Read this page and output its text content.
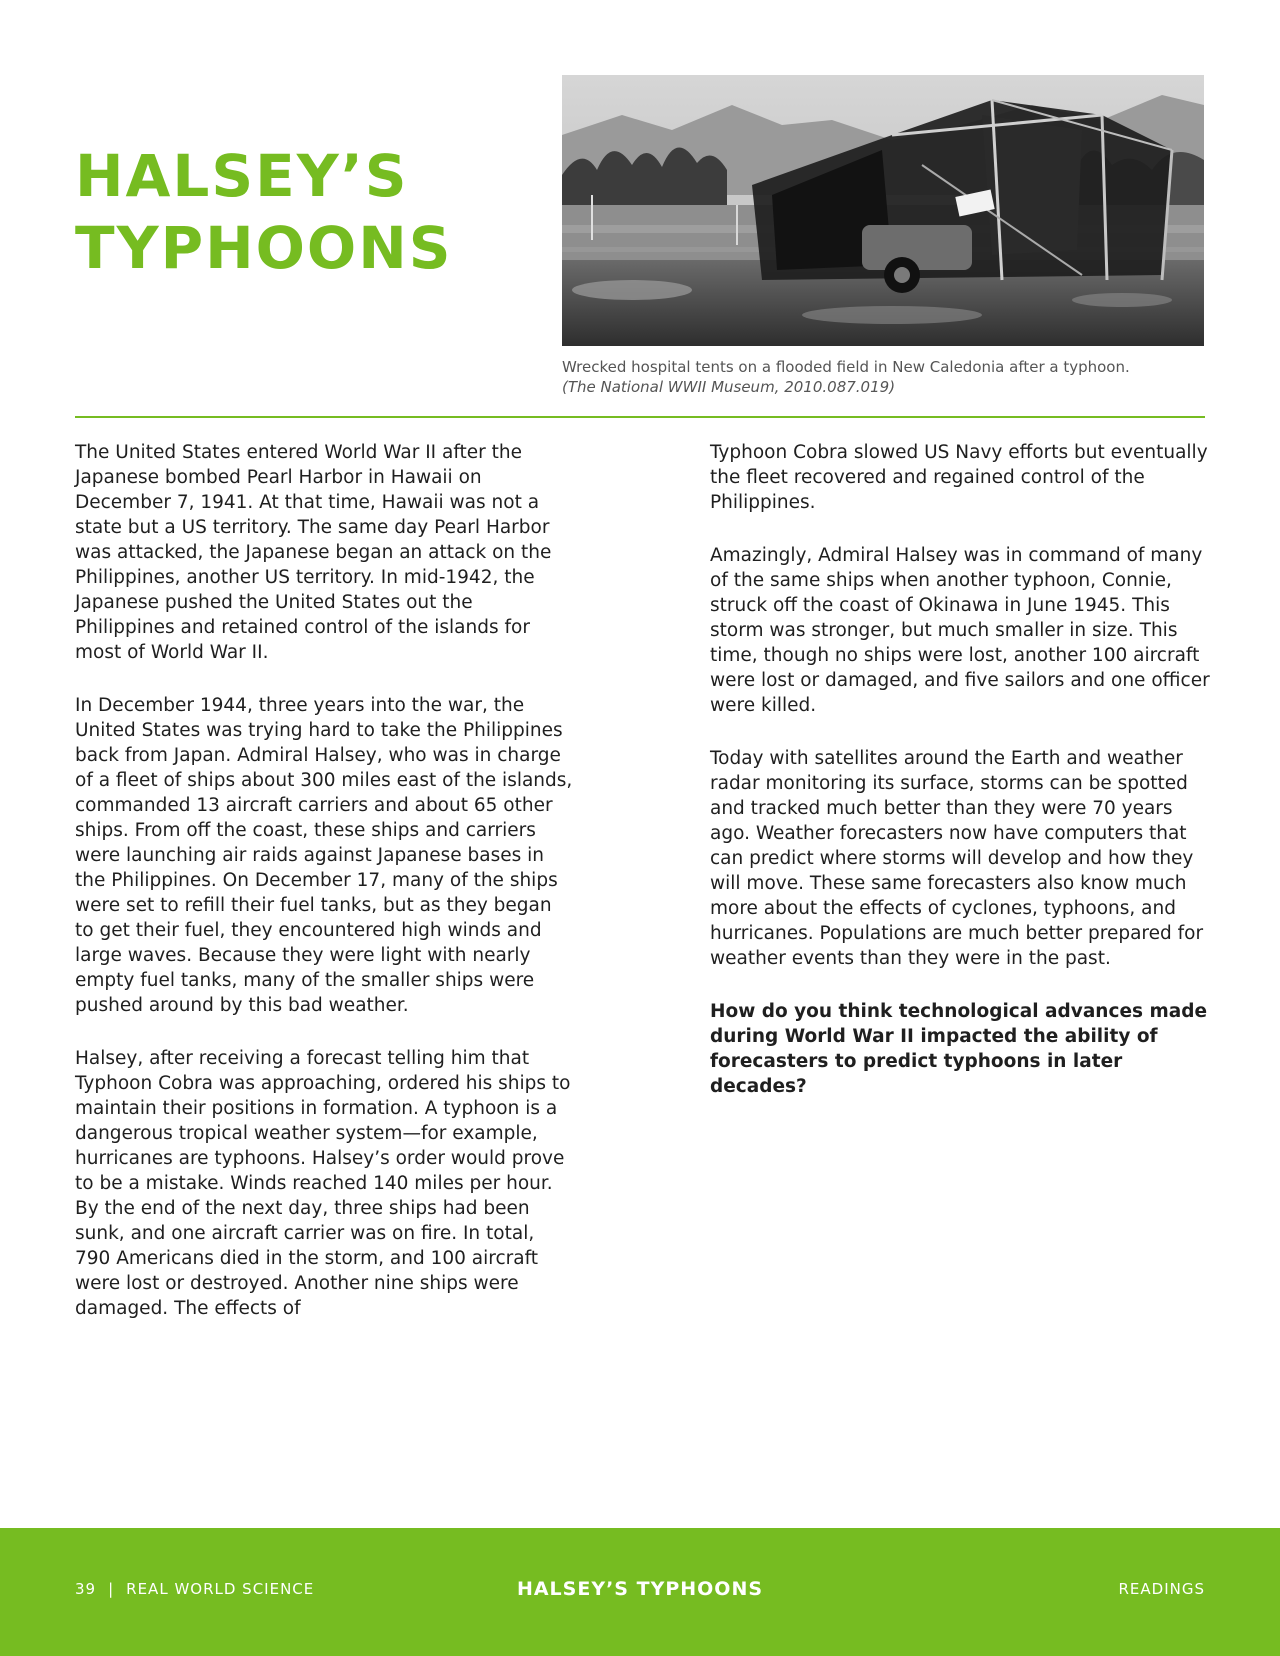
HALSEY’S
TYPHOONS
Wrecked hospital tents on a flooded field in New Caledonia after a typhoon.
(The National WWII Museum, 2010.087.019)

The United States entered World War II after the Japanese bombed Pearl Harbor in Hawaii on December 7, 1941. At that time, Hawaii was not a state but a US territory. The same day Pearl Harbor was attacked, the Japanese began an attack on the Philippines, another US territory. In mid-1942, the Japanese pushed the United States out the Philippines and retained control of the islands for most of World War II.

In December 1944, three years into the war, the United States was trying hard to take the Philippines back from Japan. Admiral Halsey, who was in charge of a fleet of ships about 300 miles east of the islands, commanded 13 aircraft carriers and about 65 other ships. From off the coast, these ships and carriers were launching air raids against Japanese bases in the Philippines. On December 17, many of the ships were set to refill their fuel tanks, but as they began to get their fuel, they encountered high winds and large waves. Because they were light with nearly empty fuel tanks, many of the smaller ships were pushed around by this bad weather.

Halsey, after receiving a forecast telling him that Typhoon Cobra was approaching, ordered his ships to maintain their positions in formation. A typhoon is a dangerous tropical weather system—for example, hurricanes are typhoons. Halsey’s order would prove to be a mistake. Winds reached 140 miles per hour. By the end of the next day, three ships had been sunk, and one aircraft carrier was on fire. In total, 790 Americans died in the storm, and 100 aircraft were lost or destroyed. Another nine ships were damaged. The effects of

Typhoon Cobra slowed US Navy efforts but eventually the fleet recovered and regained control of the Philippines.

Amazingly, Admiral Halsey was in command of many of the same ships when another typhoon, Connie, struck off the coast of Okinawa in June 1945. This storm was stronger, but much smaller in size. This time, though no ships were lost, another 100 aircraft were lost or damaged, and five sailors and one officer were killed.

Today with satellites around the Earth and weather radar monitoring its surface, storms can be spotted and tracked much better than they were 70 years ago. Weather forecasters now have computers that can predict where storms will develop and how they will move. These same forecasters also know much more about the effects of cyclones, typhoons, and hurricanes. Populations are much better prepared for weather events than they were in the past.

How do you think technological advances made during World War II impacted the ability of forecasters to predict typhoons in later decades?

39 | REAL WORLD SCIENCE	HALSEY’S TYPHOONS	READINGS
